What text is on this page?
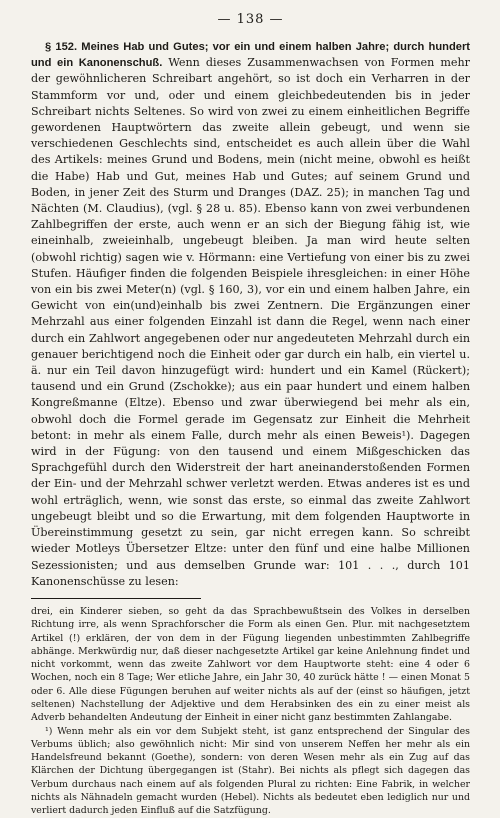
— 138 —

§ 152. Meines Hab und Gutes; vor ein und einem halben Jahre; durch hundert und ein Kanonenschuß. Wenn dieses Zusammenwachsen von Formen mehr der gewöhnlicheren Schreibart angehört, so ist doch ein Verharren in der Stammform vor und, oder und einem gleichbedeutenden bis in jeder Schreibart nichts Seltenes. So wird von zwei zu einem einheitlichen Begriffe gewordenen Hauptwörtern das zweite allein gebeugt, und wenn sie verschiedenen Geschlechts sind, entscheidet es auch allein über die Wahl des Artikels: meines Grund und Bodens, mein (nicht meine, obwohl es heißt die Habe) Hab und Gut, meines Hab und Gutes; auf seinem Grund und Boden, in jener Zeit des Sturm und Dranges (DAZ. 25); in manchen Tag und Nächten (M. Claudius), (vgl. § 28 u. 85). Ebenso kann von zwei verbundenen Zahlbegriffen der erste, auch wenn er an sich der Biegung fähig ist, wie eineinhalb, zweieinhalb, ungebeugt bleiben. Ja man wird heute selten (obwohl richtig) sagen wie v. Hörmann: eine Vertiefung von einer bis zu zwei Stufen. Häufiger finden die folgenden Beispiele ihresgleichen: in einer Höhe von ein bis zwei Meter(n) (vgl. § 160, 3), vor ein und einem halben Jahre, ein Gewicht von ein(und)einhalb bis zwei Zentnern. Die Ergänzungen einer Mehrzahl aus einer folgenden Einzahl ist dann die Regel, wenn nach einer durch ein Zahlwort angegebenen oder nur angedeuteten Mehrzahl durch ein genauer berichtigend noch die Einheit oder gar durch ein halb, ein viertel u. ä. nur ein Teil davon hinzugefügt wird: hundert und ein Kamel (Rückert); tausend und ein Grund (Zschokke); aus ein paar hundert und einem halben Kongreßmanne (Eltze). Ebenso und zwar überwiegend bei mehr als ein, obwohl doch die Formel gerade im Gegensatz zur Einheit die Mehrheit betont: in mehr als einem Falle, durch mehr als einen Beweis¹). Dagegen wird in der Fügung: von den tausend und einem Mißgeschicken das Sprachgefühl durch den Widerstreit der hart aneinanderstoßenden Formen der Ein- und der Mehrzahl schwer verletzt werden. Etwas anderes ist es und wohl erträglich, wenn, wie sonst das erste, so einmal das zweite Zahlwort ungebeugt bleibt und so die Erwartung, mit dem folgenden Hauptworte in Übereinstimmung gesetzt zu sein, gar nicht erregen kann. So schreibt wieder Motleys Übersetzer Eltze: unter den fünf und eine halbe Millionen Sezessionisten; und aus demselben Grunde war: 101 . . ., durch 101 Kanonenschüsse zu lesen:

drei, ein Kinderer sieben, so geht da das Sprachbewußtsein des Volkes in derselben Richtung irre, als wenn Sprachforscher die Form als einen Gen. Plur. mit nachgesetztem Artikel (!) erklären, der von dem in der Fügung liegenden unbestimmten Zahlbegriffe abhänge. Merkwürdig nur, daß dieser nachgesetzte Artikel gar keine Anlehnung findet und nicht vorkommt, wenn das zweite Zahlwort vor dem Hauptworte steht: eine 4 oder 6 Wochen, noch ein 8 Tage; Wer etliche Jahre, ein Jahr 30, 40 zurück hätte ! — einen Monat 5 oder 6. Alle diese Fügungen beruhen auf weiter nichts als auf der (einst so häufigen, jetzt seltenen) Nachstellung der Adjektive und dem Herabsinken des ein zu einer meist als Adverb behandelten Andeutung der Einheit in einer nicht ganz bestimmten Zahlangabe.

¹) Wenn mehr als ein vor dem Subjekt steht, ist ganz entsprechend der Singular des Verbums üblich; also gewöhnlich nicht: Mir sind von unserem Neffen her mehr als ein Handelsfreund bekannt (Goethe), sondern: von deren Wesen mehr als ein Zug auf das Klärchen der Dichtung übergegangen ist (Stahr). Bei nichts als pflegt sich dagegen das Verbum durchaus nach einem auf als folgenden Plural zu richten: Eine Fabrik, in welcher nichts als Nähnadeln gemacht wurden (Hebel). Nichts als bedeutet eben lediglich nur und verliert dadurch jeden Einfluß auf die Satzfügung.
